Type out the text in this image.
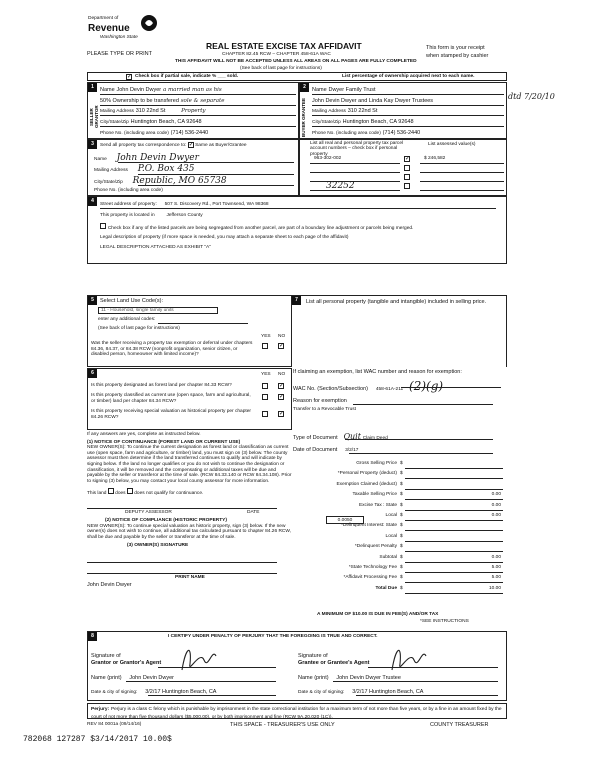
Department of
Revenue
Washington State
PLEASE TYPE OR PRINT
REAL ESTATE EXCISE TAX AFFIDAVIT
CHAPTER 82.45 RCW – CHAPTER 458-61A WAC
THIS AFFIDAVIT WILL NOT BE ACCEPTED UNLESS ALL AREAS ON ALL PAGES ARE FULLY COMPLETED
(See back of last page for instructions)
This form is your receipt
when stamped by cashier
✓
Check box if partial sale, indicate % ___ sold.	List percentage of ownership acquired next to each name.
1
SELLER GRANTOR
Name John Devin Dwyer a married man as his
50% Ownership to be transfered sole & separate
Mailing Address 310 22nd St	Property
City/State/Zip Huntington Beach, CA 92648
Phone No. (including area code) (714) 536-2440
2
BUYER GRANTEE
Name Dwyer Family Trust
John Devin Dwyer and Linda Kay Dwyer Trustees
Mailing Address 310 22nd St
City/State/Zip Huntington Beach, CA 92648
Phone No. (including area code) (714) 536-2440
dtd 7/20/10
3	Send all property tax correspondence to: ✓ Same as Buyer/Grantee
Name John Devin Dwyer
Mailing Address P.O. Box 435
City/State/Zip Republic, MO 65738
Phone No. (including area code)
List all real and personal property tax parcel account numbers – check box if personal property
List assessed value(s)
963-302-002 ✓	$ 246,582
32252
4
Street address of property: 507 S. Discovery Rd., Port Townsend, WA 98368
This property is located in Jefferson County
Check box if any of the listed parcels are being segregated from another parcel, are part of a boundary line adjustment or parcels being merged.
Legal description of property (if more space is needed, you may attach a separate sheet to each page of the affidavit)
LEGAL DESCRIPTION ATTACHED AS EXHIBIT "A"
5	Select Land Use Code(s):
11 - Household, single family units
enter any additional codes:
(See back of last page for instructions)
YES NO
Was the seller receiving a property tax exemption or deferral under chapters 84.36, 84.37, or 84.38 RCW (nonprofit organization, senior citizen, or disabled person, homeowner with limited income)?
✓
7	List all personal property (tangible and intangible) included in selling price.
6	YES NO
Is this property designated as forest land per chapter 84.33 RCW?
✓
Is this property classified as current use (open space, farm and agricultural, or timber) land per chapter 84.34 RCW?
✓
Is this property receiving special valuation as historical property per chapter 84.26 RCW?
✓
If any answers are yes, complete as instructed below.
(1) NOTICE OF CONTINUANCE (FOREST LAND OR CURRENT USE)
NEW OWNER(S): To continue the current designation as forest land or classification as current use (open space, farm and agriculture, or timber) land, you must sign on (3) below. The county assessor must then determine if the land transferred continues to qualify and will indicate by signing below. If the land no longer qualifies or you do not wish to continue the designation or classification, it will be removed and the compensating or additional taxes will be due and payable by the seller or transferor at the time of sale. (RCW 84.33.140 or RCW 84.34.108). Prior to signing (3) below, you may contact your local county assessor for more information.
This land does does not qualify for continuance.
DEPUTY ASSESSOR	DATE
(2) NOTICE OF COMPLIANCE (HISTORIC PROPERTY)
NEW OWNER(S): To continue special valuation as historic property, sign (3) below. If the new owner(s) does not wish to continue, all additional tax calculated pursuant to chapter 84.26 RCW, shall be due and payable by the seller or transferor at the time of sale.
(3) OWNER(S) SIGNATURE
PRINT NAME
John Devin Dwyer
If claiming an exemption, list WAC number and reason for exemption:
WAC No. (Section/Subsection) 458-61A-211 (2)(g)
Reason for exemption
Transfer to a Revocable Trust
Type of Document Quit Claim Deed
Date of Document 3/2/17
Gross Selling Price $
*Personal Property (deduct) $
Exemption Claimed (deduct) $
Taxable Selling Price $	0.00
Excise Tax : State $	0.00
Local $	0.00
*Delinquent Interest: State $
Local $
*Delinquent Penalty $
Subtotal $	0.00
*State Technology Fee $	5.00
*Affidavit Processing Fee $	5.00
Total Due $	10.00
0.0050
A MINIMUM OF $10.00 IS DUE IN FEE(S) AND/OR TAX
*SEE INSTRUCTIONS
8	I CERTIFY UNDER PENALTY OF PERJURY THAT THE FOREGOING IS TRUE AND CORRECT.
Signature of
Grantor or Grantor's Agent
Name (print) John Devin Dwyer
Date & city of signing: 3/2/17 Huntington Beach, CA
Signature of
Grantee or Grantee's Agent
Name (print) John Devin Dwyer Trustee
Date & city of signing: 3/2/17 Huntington Beach, CA
Perjury: Perjury is a class C felony which is punishable by imprisonment in the state correctional institution for a maximum term of not more than five years, or by a fine in an amount fixed by the court of not more than five thousand dollars ($5,000.00), or by both imprisonment and fine (RCW 9A.20.020 (1C)).
REV 84 0001a (09/14/16)	THIS SPACE - TREASURER'S USE ONLY	COUNTY TREASURER
782068 127287 $3/14/2017 10.00$
